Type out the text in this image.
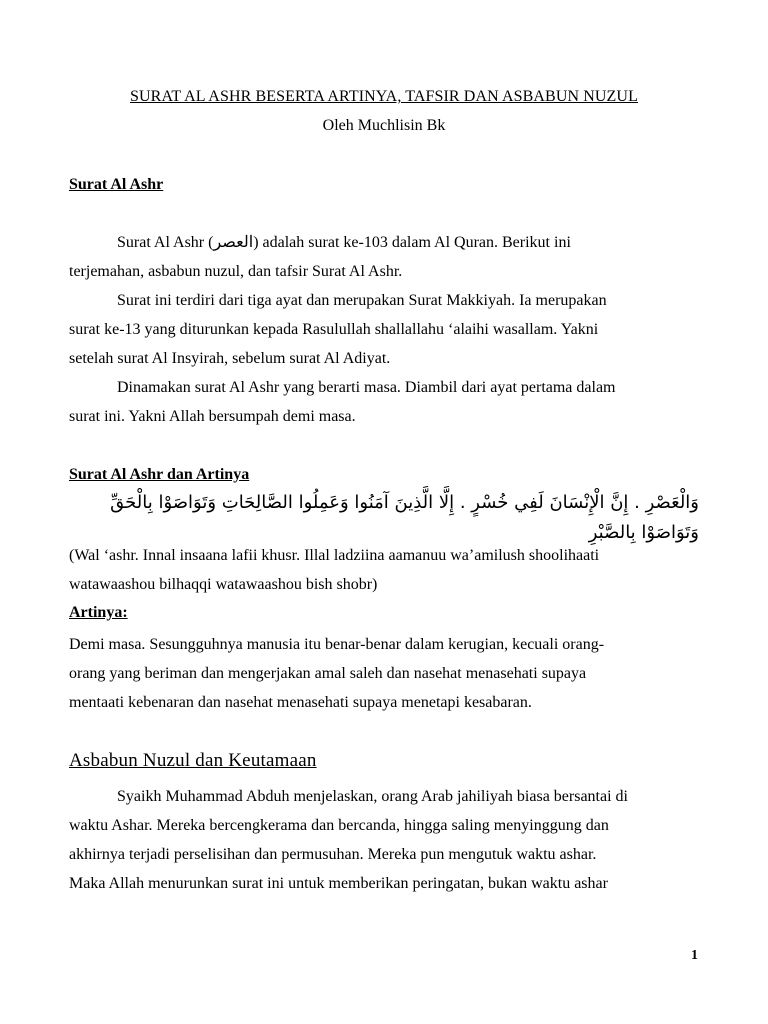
SURAT AL ASHR BESERTA ARTINYA, TAFSIR DAN ASBABUN NUZUL
Oleh Muchlisin Bk
Surat Al Ashr
Surat Al Ashr (العصر) adalah surat ke-103 dalam Al Quran. Berikut ini
terjemahan, asbabun nuzul, dan tafsir Surat Al Ashr.
Surat ini terdiri dari tiga ayat dan merupakan Surat Makkiyah. Ia merupakan
surat ke-13 yang diturunkan kepada Rasulullah shallallahu ‘alaihi wasallam. Yakni
setelah surat Al Insyirah, sebelum surat Al Adiyat.
Dinamakan surat Al Ashr yang berarti masa. Diambil dari ayat pertama dalam
surat ini. Yakni Allah bersumpah demi masa.
Surat Al Ashr dan Artinya
وَالْعَصْرِ . إِنَّ الْإِنْسَانَ لَفِي خُسْرٍ . إِلَّا الَّذِينَ آمَنُوا وَعَمِلُوا الصَّالِحَاتِ وَتَوَاصَوْا بِالْحَقِّ
وَتَوَاصَوْا بِالصَّبْرِ
(Wal ‘ashr. Innal insaana lafii khusr. Illal ladziina aamanuu wa’amilush shoolihaati
watawaashou bilhaqqi watawaashou bish shobr)
Artinya:
Demi masa. Sesungguhnya manusia itu benar-benar dalam kerugian, kecuali orang-
orang yang beriman dan mengerjakan amal saleh dan nasehat menasehati supaya
mentaati kebenaran dan nasehat menasehati supaya menetapi kesabaran.
Asbabun Nuzul dan Keutamaan
Syaikh Muhammad Abduh menjelaskan, orang Arab jahiliyah biasa bersantai di
waktu Ashar. Mereka bercengkerama dan bercanda, hingga saling menyinggung dan
akhirnya terjadi perselisihan dan permusuhan. Mereka pun mengutuk waktu ashar.
Maka Allah menurunkan surat ini untuk memberikan peringatan, bukan waktu ashar
1
